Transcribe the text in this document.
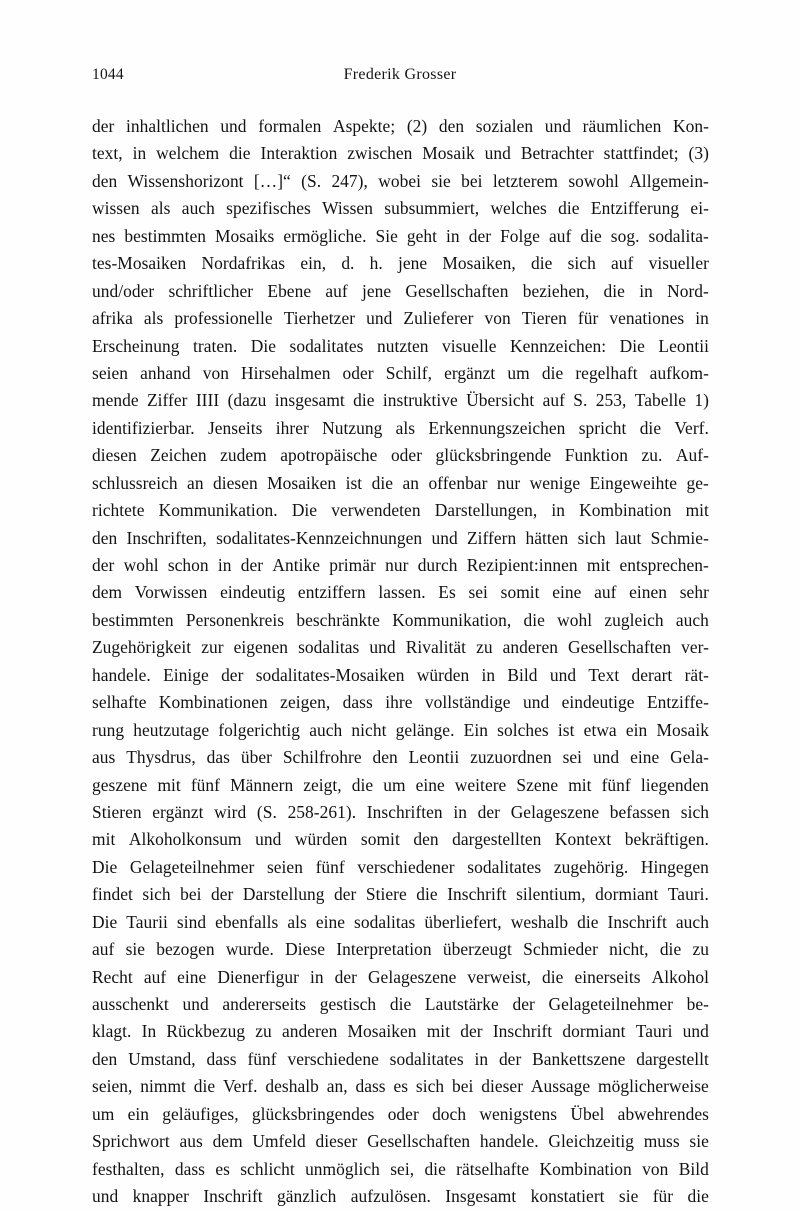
1044	Frederik Grosser
der inhaltlichen und formalen Aspekte; (2) den sozialen und räumlichen Kon-
text, in welchem die Interaktion zwischen Mosaik und Betrachter stattfindet; (3)
den Wissenshorizont […]“ (S. 247), wobei sie bei letzterem sowohl Allgemein-
wissen als auch spezifisches Wissen subsummiert, welches die Entzifferung ei-
nes bestimmten Mosaiks ermögliche. Sie geht in der Folge auf die sog. sodalita-
tes-Mosaiken Nordafrikas ein, d. h. jene Mosaiken, die sich auf visueller
und/oder schriftlicher Ebene auf jene Gesellschaften beziehen, die in Nord-
afrika als professionelle Tierhetzer und Zulieferer von Tieren für venationes in
Erscheinung traten. Die sodalitates nutzten visuelle Kennzeichen: Die Leontii
seien anhand von Hirsehalmen oder Schilf, ergänzt um die regelhaft aufkom-
mende Ziffer IIII (dazu insgesamt die instruktive Übersicht auf S. 253, Tabelle 1)
identifizierbar. Jenseits ihrer Nutzung als Erkennungszeichen spricht die Verf.
diesen Zeichen zudem apotropäische oder glücksbringende Funktion zu. Auf-
schlussreich an diesen Mosaiken ist die an offenbar nur wenige Eingeweihte ge-
richtete Kommunikation. Die verwendeten Darstellungen, in Kombination mit
den Inschriften, sodalitates-Kennzeichnungen und Ziffern hätten sich laut Schmie-
der wohl schon in der Antike primär nur durch Rezipient:innen mit entsprechen-
dem Vorwissen eindeutig entziffern lassen. Es sei somit eine auf einen sehr
bestimmten Personenkreis beschränkte Kommunikation, die wohl zugleich auch
Zugehörigkeit zur eigenen sodalitas und Rivalität zu anderen Gesellschaften ver-
handele. Einige der sodalitates-Mosaiken würden in Bild und Text derart rät-
selhafte Kombinationen zeigen, dass ihre vollständige und eindeutige Entziffe-
rung heutzutage folgerichtig auch nicht gelänge. Ein solches ist etwa ein Mosaik
aus Thysdrus, das über Schilfrohre den Leontii zuzuordnen sei und eine Gela-
geszene mit fünf Männern zeigt, die um eine weitere Szene mit fünf liegenden
Stieren ergänzt wird (S. 258-261). Inschriften in der Gelageszene befassen sich
mit Alkoholkonsum und würden somit den dargestellten Kontext bekräftigen.
Die Gelageteilnehmer seien fünf verschiedener sodalitates zugehörig. Hingegen
findet sich bei der Darstellung der Stiere die Inschrift silentium, dormiant Tauri.
Die Taurii sind ebenfalls als eine sodalitas überliefert, weshalb die Inschrift auch
auf sie bezogen wurde. Diese Interpretation überzeugt Schmieder nicht, die zu
Recht auf eine Dienerfigur in der Gelageszene verweist, die einerseits Alkohol
ausschenkt und andererseits gestisch die Lautstärke der Gelageteilnehmer be-
klagt. In Rückbezug zu anderen Mosaiken mit der Inschrift dormiant Tauri und
den Umstand, dass fünf verschiedene sodalitates in der Bankettszene dargestellt
seien, nimmt die Verf. deshalb an, dass es sich bei dieser Aussage möglicherweise
um ein geläufiges, glücksbringendes oder doch wenigstens Übel abwehrendes
Sprichwort aus dem Umfeld dieser Gesellschaften handele. Gleichzeitig muss sie
festhalten, dass es schlicht unmöglich sei, die rätselhafte Kombination von Bild
und knapper Inschrift gänzlich aufzulösen. Insgesamt konstatiert sie für die
